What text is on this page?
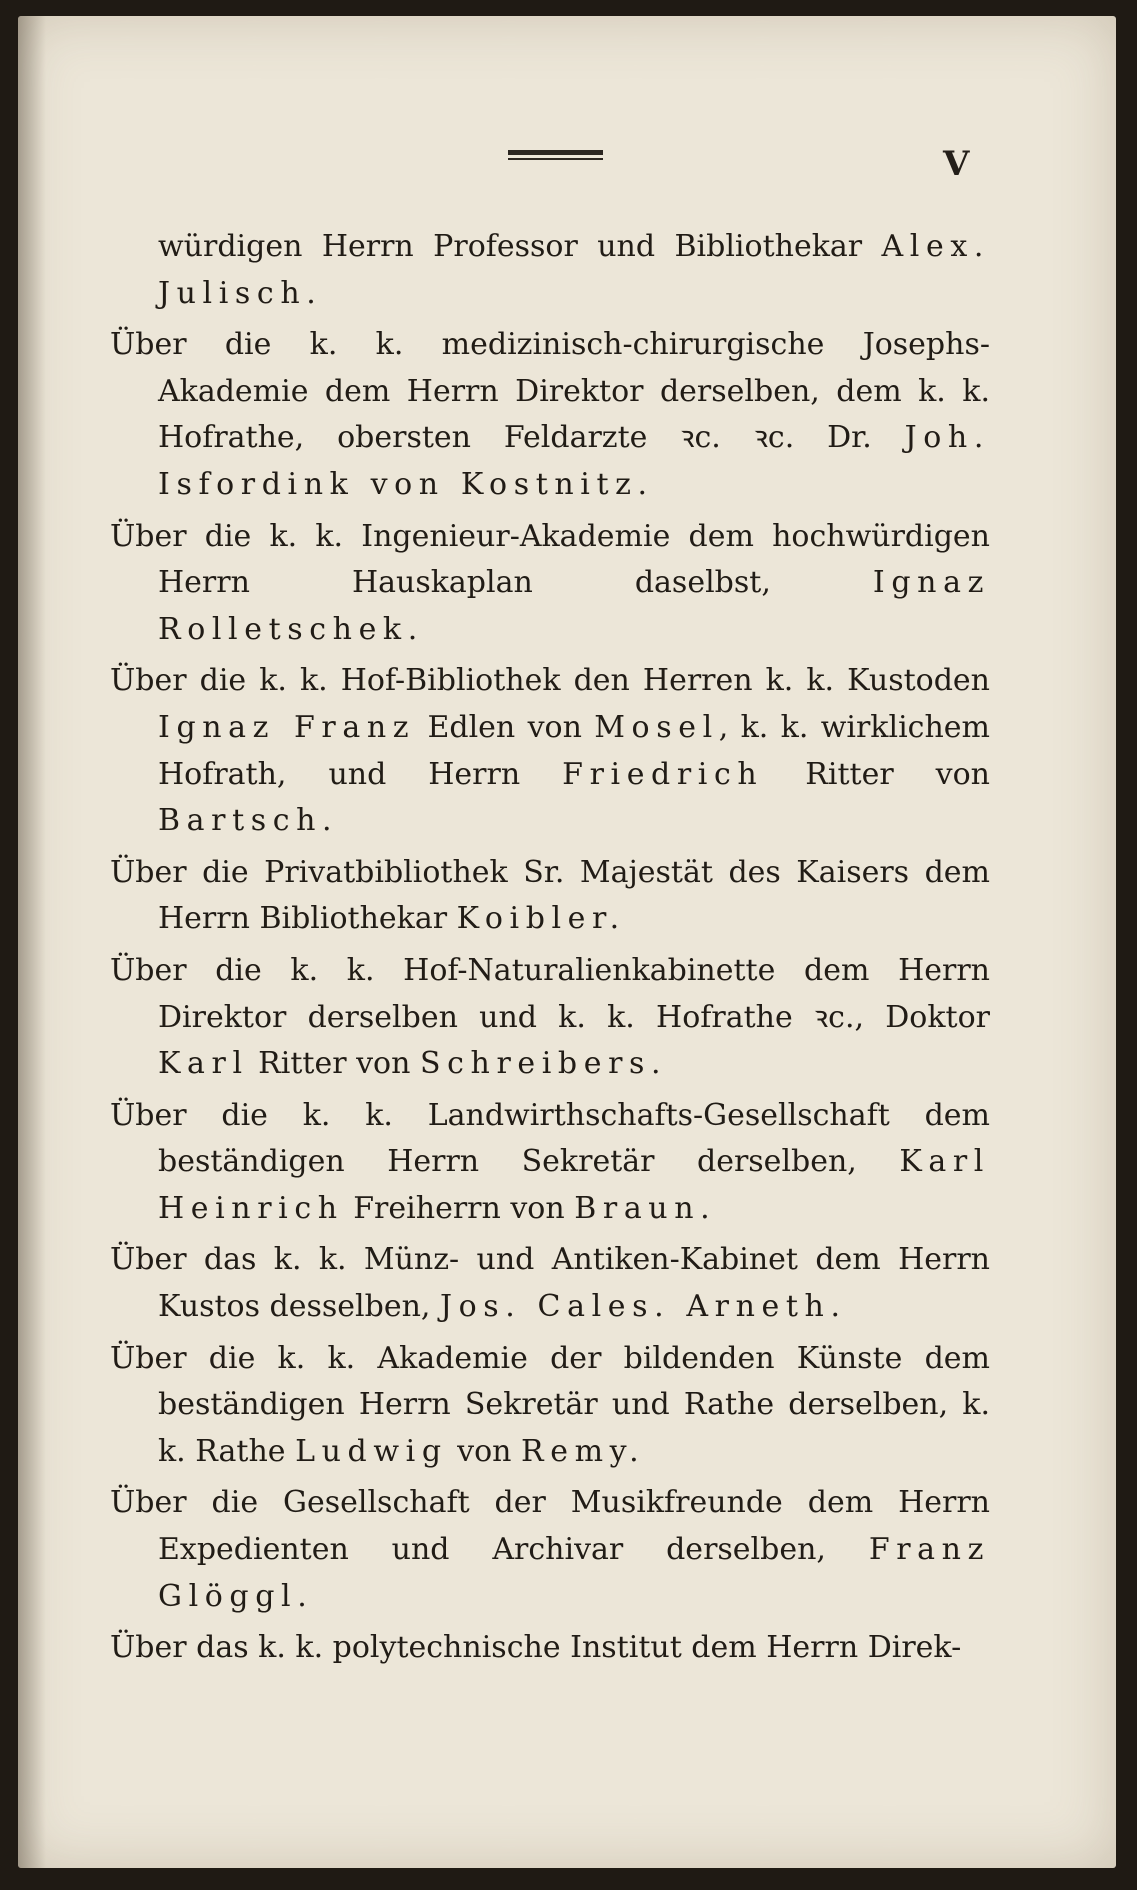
V

würdigen Herrn Professor und Bibliothekar Alex. Julisch.

Über die k. k. medizinisch-chirurgische Josephs-Akademie dem Herrn Direktor derselben, dem k. k. Hofrathe, obersten Feldarzte ꝛc. ꝛc. Dr. Joh. Isfordink von Kostnitz.

Über die k. k. Ingenieur-Akademie dem hochwürdigen Herrn Hauskaplan daselbst, Ignaz Rolletschek.

Über die k. k. Hof-Bibliothek den Herren k. k. Kustoden Ignaz Franz Edlen von Mosel, k. k. wirklichem Hofrath, und Herrn Friedrich Ritter von Bartsch.

Über die Privatbibliothek Sr. Majestät des Kaisers dem Herrn Bibliothekar Koibler.

Über die k. k. Hof-Naturalienkabinette dem Herrn Direktor derselben und k. k. Hofrathe ꝛc., Doktor Karl Ritter von Schreibers.

Über die k. k. Landwirthschafts-Gesellschaft dem beständigen Herrn Sekretär derselben, Karl Heinrich Freiherrn von Braun.

Über das k. k. Münz- und Antiken-Kabinet dem Herrn Kustos desselben, Jos. Cales. Arneth.

Über die k. k. Akademie der bildenden Künste dem beständigen Herrn Sekretär und Rathe derselben, k. k. Rathe Ludwig von Remy.

Über die Gesellschaft der Musikfreunde dem Herrn Expedienten und Archivar derselben, Franz Glöggl.

Über das k. k. polytechnische Institut dem Herrn Direk-
